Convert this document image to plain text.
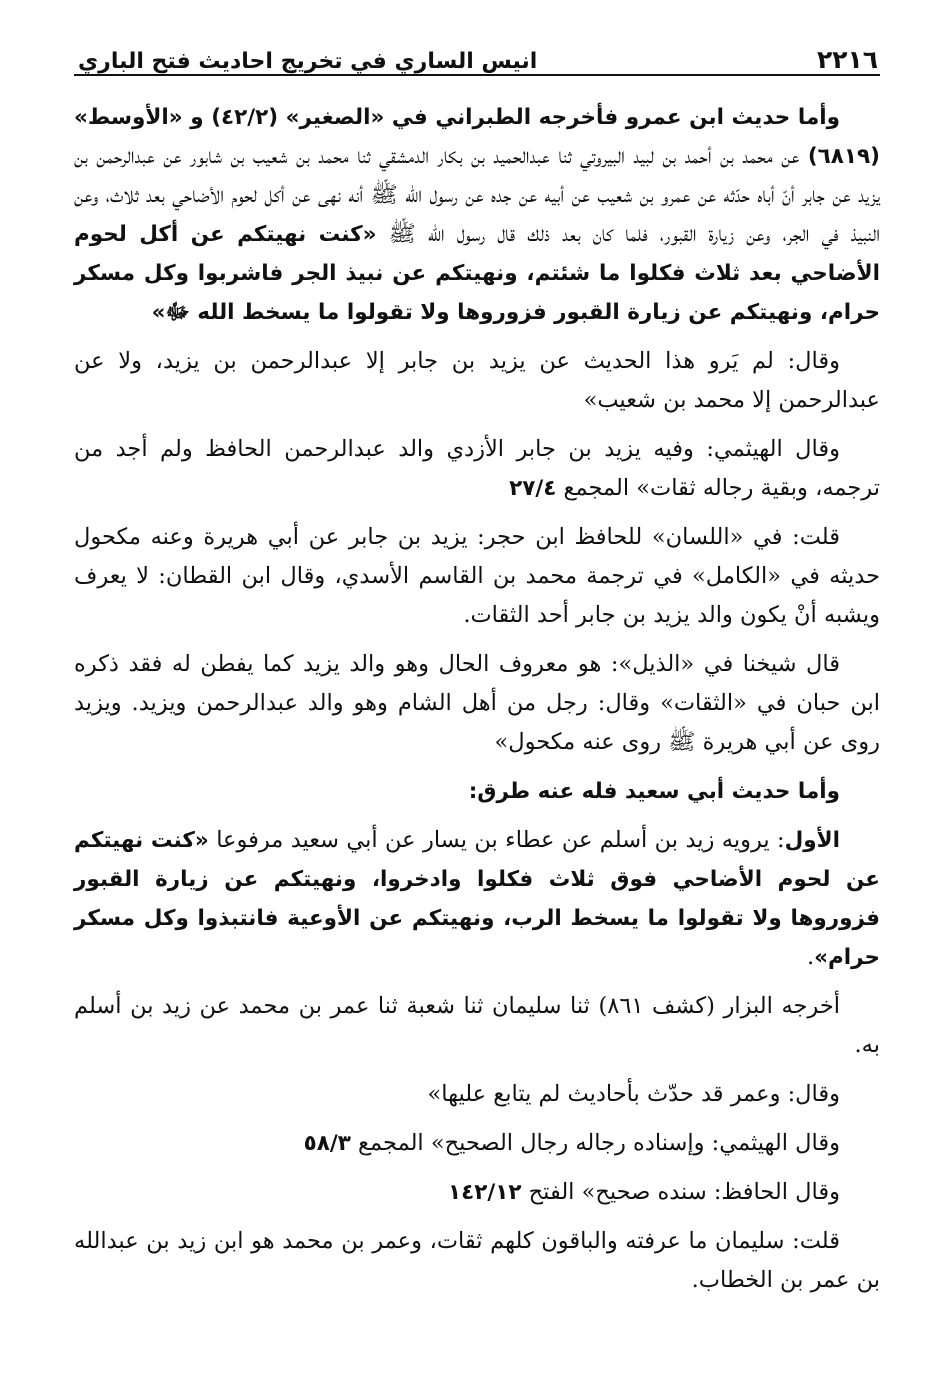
٢٢١٦
انيس الساري في تخريج احاديث فتح الباري

وأما حديث ابن عمرو فأخرجه الطبراني في «الصغير» (٤٢/٢) و «الأوسط» (٦٨١٩) عن محمد بن أحمد بن لبيد البيروتي ثنا عبدالحميد بن بكار الدمشقي ثنا محمد بن شعيب بن شابور عن عبدالرحمن بن يزيد عن جابر أنّ أباه حدّثه عن عمرو بن شعيب عن أبيه عن جده عن رسول الله ﷺ أنه نهى عن أكل لحوم الأضاحي بعد ثلاث، وعن النبيذ في الجر، وعن زيارة القبور، فلما كان بعد ذلك قال رسول الله ﷺ «كنت نهيتكم عن أكل لحوم الأضاحي بعد ثلاث فكلوا ما شئتم، ونهيتكم عن نبيذ الجر فاشربوا وكل مسكر حرام، ونهيتكم عن زيارة القبور فزوروها ولا تقولوا ما يسخط الله ﷻ»

وقال: لم يَرو هذا الحديث عن يزيد بن جابر إلا عبدالرحمن بن يزيد، ولا عن عبدالرحمن إلا محمد بن شعيب»

وقال الهيثمي: وفيه يزيد بن جابر الأزدي والد عبدالرحمن الحافظ ولم أجد من ترجمه، وبقية رجاله ثقات» المجمع ٢٧/٤

قلت: في «اللسان» للحافظ ابن حجر: يزيد بن جابر عن أبي هريرة وعنه مكحول حديثه في «الكامل» في ترجمة محمد بن القاسم الأسدي، وقال ابن القطان: لا يعرف ويشبه أنْ يكون والد يزيد بن جابر أحد الثقات.

قال شيخنا في «الذيل»: هو معروف الحال وهو والد يزيد كما يفطن له فقد ذكره ابن حبان في «الثقات» وقال: رجل من أهل الشام وهو والد عبدالرحمن ويزيد. ويزيد روى عن أبي هريرة ﷺ روى عنه مكحول»

وأما حديث أبي سعيد فله عنه طرق:

الأول: يرويه زيد بن أسلم عن عطاء بن يسار عن أبي سعيد مرفوعا «كنت نهيتكم عن لحوم الأضاحي فوق ثلاث فكلوا وادخروا، ونهيتكم عن زيارة القبور فزوروها ولا تقولوا ما يسخط الرب، ونهيتكم عن الأوعية فانتبذوا وكل مسكر حرام».

أخرجه البزار (كشف ٨٦١) ثنا سليمان ثنا شعبة ثنا عمر بن محمد عن زيد بن أسلم به.

وقال: وعمر قد حدّث بأحاديث لم يتابع عليها»

وقال الهيثمي: وإسناده رجاله رجال الصحيح» المجمع ٥٨/٣

وقال الحافظ: سنده صحيح» الفتح ١٤٢/١٢

قلت: سليمان ما عرفته والباقون كلهم ثقات، وعمر بن محمد هو ابن زيد بن عبدالله بن عمر بن الخطاب.
